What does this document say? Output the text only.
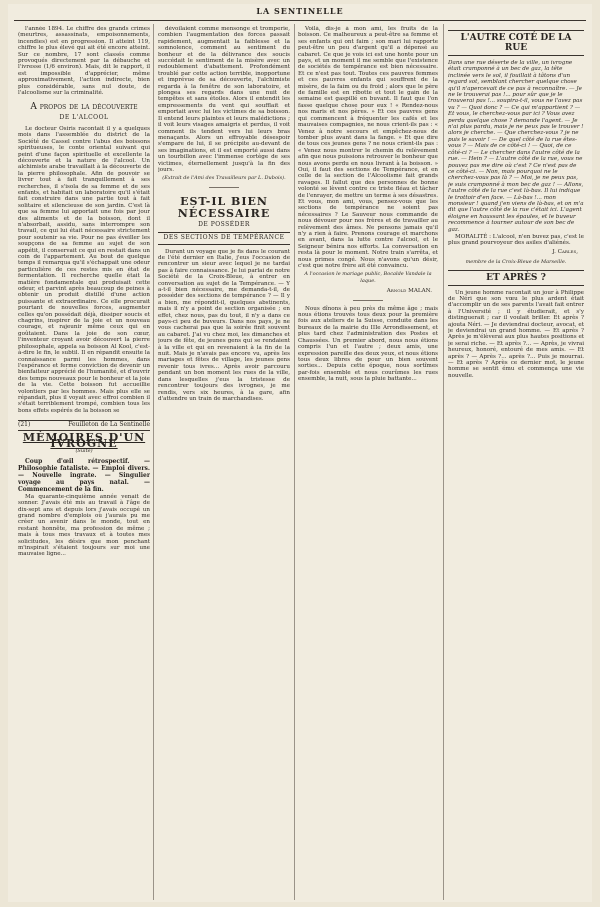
LA SENTINELLE

l'année 1894. Le chiffre des grands crimes (meurtres, assassinats, empoisonnements, incendies) est en progression. Il atteint 119, chiffre le plus élevé qui ait été encore atteint. Sur ce nombre, 17 sont classés comme provoqués directement par la débauche et l'ivresse (1/6 environ). Mais, dit le rapport, il est impossible d'apprécier, même approximativement, l'action indirecte, bien plus considérable, sans nul doute, de l'alcoolisme sur la criminalité.

A propos de la découverte
DE L'ALCOOL

Le docteur Osiris racontait il y a quelques mois dans l'assemblée du district de la Société de Cassel contre l'abus des boissons spiritueuses, le conte oriental suivant qui peint d'une façon spirituelle et excellente la découverte et la nature de l'alcool. Un alchimiste arabe travaillait à la découverte de la pierre philosophale. Afin de pouvoir se livrer tout à fait tranquillement à ses recherches, il s'isola de sa femme et de ses enfants, et habitait un laboratoire qu'il s'était fait construire dans une partie tout à fait solitaire et silencieuse de son jardin. C'est là que sa femme lui apportait une fois par jour des aliments et de la boisson, dont il n'absorbait, assidu, sans interrompre son travail, ce qui lui était nécessaire strictement pour soutenir sa vie. Pour ne pas éveiller les soupçons de sa femme au sujet de son appétit, il conservait ce qui en restait dans un coin de l'appartement. Au bout de quelque temps il remarqua qu'il s'échappait une odeur particulière de ces restes mis en état de fermentation. Il recherche quelle était la matière fondamentale qui produisait cette odeur, et parvint après beaucoup de peines à obtenir un produit distillé d'une action puissante et extraordinaire. Ce elle procurait pourtant de nouvelles forces, augmenter celles qu'on possédait déjà, dissiper soucis et chagrins, inspirer de la joie et un nouveau courage, et rajeunir même ceux qui en goûtaient. Dans la joie de son cœur, l'inventeur croyant avoir découvert la pierre philosophale, appela sa boisson Al Kool, c'est-à-dire le fin, le subtil. Il en répandit ensuite la connaissance parmi les hommes, dans l'espérance et ferme conviction de devenir un bienfaiteur apprécié de l'humanité, et d'ouvrir des temps nouveaux pour le bonheur et la joie de la vie. Cette boisson fut accueillie volontiers par les hommes. Mais plus elle se répandait, plus il voyait avec effroi combien il s'était terriblement trompé, combien tous les bons effets espérés de la boisson se

(21)	Feuilleton de La Sentinelle
MÉMOIRES D'UN IVROGNE
(Suite)

Coup d'œil rétrospectif. — Philosophie fataliste. — Emploi divers. — Nouvelle ingrate. — Singulier voyage au pays natal. — Commencement de la fin.

Ma quarante-cinquième année venait de sonner. J'avais été mis au travail à l'âge de dix-sept ans et depuis lors j'avais occupé un grand nombre d'emplois où j'aurais pu me créer un avenir dans le monde, tout en restant honnête, ma profession de même ; mais à tous mes travaux et à toutes mes solicitudes, les désirs que mon penchant m'inspirait s'étaient toujours sur moi une mauvaise ligne...

dévoilaient comme mensonge et tromperie, combien l'augmentation des forces passait rapidement, augmentait la faiblesse et la somnolence, comment au sentiment du bonheur et de la délivrance des soucis succédait le sentiment de la misère avec un redoublement d'abattement. Profondément troublé par cette action terrible, inopportune et imprévue de sa découverte, l'alchimiste regarda à la fenêtre de son laboratoire, et plongea ses regards dans une nuit de tempêtes et sans étoiles. Alors il entendit les empressements du vent qui soufflait et emportait avec lui les victimes de sa boisson. Il entend leurs plaintes et leurs malédictions ; il voit leurs visages amaigris et perdus, il voit comment ils tendent vers lui leurs bras menaçants. Alors un effroyable désespoir s'empare de lui, il se précipite au-devant de ses imaginations, et il est emporté aussi dans un tourbillon avec l'immense cortège de ses victimes, éternellement jusqu'à la fin des jours.

(Extrait de l'Ami des Travailleurs par L. Dubois).
EST-IL BIEN NÉCESSAIRE
DE POSSÉDER
DES SECTIONS DE TEMPÉRANCE

Durant un voyage que je fis dans le courant de l'été dernier en Italie, j'eus l'occasion de rencontrer un sieur avec lequel je ne tardai pas à faire connaissance. Je lui parlai de notre Société de la Croix-Bleue, à entrer en conversation au sujet de la Tempérance. — Y a-t-il bien nécessaire, me demanda-t-il, de posséder des sections de tempérance ? — Il y a bien, me répondit-il, quelques abstinents, mais il n'y a point de section organisée ; en effet, chez nous, pas du tout, il n'y a dans ce pays-ci peu de buveurs. Dans nos pays, je ne vous cacherai pas que la soirée finit souvent au cabaret. J'ai vu chez moi, les dimanches et jours de fête, de jeunes gens qui se rendaient à la ville et qui en revenaient à la fin de la nuit. Mais je n'avais pas encore vu, après les mariages et fêtes de village, les jeunes gens revenir tous ivres... Après avoir parcouru pendant un bon moment les rues de la ville, dans lesquelles j'eus la tristesse de rencontrer toujours des ivrognes, je me rendis, vers six heures, à la gare, afin d'attendre un train de marchandises.

Voilà, dis-je à mon ami, les fruits de la boisson. Ce malheureux a peut-être sa femme et ses enfants qui ont faim ; son mari lui rapporte peut-être un peu d'argent qu'il a dépensé au cabaret. Ce que je vois ici est une honte pour un pays, et un moment il me semble que l'existence de sociétés de tempérance est bien nécessaire. Et ce n'est pas tout. Toutes ces pauvres femmes et ces pauvres enfants qui souffrent de la misère, de la faim ou du froid ; alors que le père de famille est en ribotte et tout le gain de la semaine est gaspillé en buvant. Il faut que l'on fasse quelque chose pour eux ! « Rendez-nous nos maris et nos pères. » Et ces pauvres gens qui commencent à fréquenter les cafés et les mauvaises compagnies, ne nous crient-ils pas : « Venez à notre secours et empêchez-nous de tomber plus avant dans la fange. » Et que dire de tous ces jeunes gens ? ne nous crient-ils pas : « Venez nous montrer le chemin du relèvement afin que nous puissions retrouver le bonheur que nous avons perdu en nous livrant à la boisson. » Oui, il faut des sections de Tempérance, et en celle de la section de l'Alcoolisme fait grands ravages. Il fallut que des personnes de bonne volonté se lèvent contre ce triste fléau et tâcher de l'enrayer, de mettre un terme à ses désastres. Et vous, mon ami, vous, pensez-vous que les sections de tempérance ne soient pas nécessaires ? Le Sauveur nous commande de nous dévouer pour nos frères et de travailler au relèvement des âmes. Ne pensons jamais qu'il n'y a rien à faire. Prenons courage et marchons en avant, dans la lutte contre l'alcool, et le Seigneur bénira nos efforts. La conversation en resta là pour le moment. Notre train s'arrêta, et nous primes congé. Nous n'avons qu'un désir, c'est que notre frère ait été convaincu.

A l'occasion le mariage public, Bocalde Vandale la laque.
Arnold MALAN.

Nous dînons à peu près du même âge ; mais nous étions trouvés tous deux pour la première fois aux ateliers de la Suisse, conduite dans les bureaux de la mairie du IIIe Arrondissement, et plus tard chez l'administration des Postes et Chaussées. Un premier abord, nous nous étions compris l'un et l'autre ; deux amis, une expression pareille des deux yeux, et nous étions tous deux libres de pour un bien souvent sorties... Depuis cette époque, nous sortîmes par-fois ensemble et nous courûmes les rues ensemble, la nuit, sous la pluie battante...

L'AUTRE COTÉ DE LA RUE

Dans une rue déserte de la ville, un ivrogne était cramponné à un bec de gaz, la tête inclinée vers le sol, il fouillait à tâtons d'un regard sot, semblant chercher quelque chose qu'il n'apercevait de ce pas à reconnaître. — Je ne le trouverai pas !... pour sûr que je le trouverai pas !... soupira-t-il, vous ne l'avez pas vu ? — Quoi donc ? — Ce qui m'appartient ? — Et vous, le cherchez-vous par ici ? Vous avez perdu quelque chose ? demande l'agent. — Je n'ai plus pardu, mais je ne peux pas le trouver ! alors je cherche. — Que cherchez-vous ? je ne puis le savoir ! — De quel côté de la rue êtes-vous ? — Mais de ce côté-ci ! — Quoi, de ce côté-ci ? — Le chercher dans l'autre côté de la rue. — Hein ? — L'autre côté de la rue, vous ne pouvez pas me dire où c'est ? Ce n'est pas de ce côté-ci. — Non, mais pourquoi ne le cherchez-vous pas là ? — Moi, je ne peux pas, je suis cramponné à mon bec de gaz ! — Allons, l'autre côté de la rue c'est là-bas. Il lui indique le trottoir d'en face. — Là-bas !... mon monsieur ! quand j'en viens de là-bas, et on m'a dit que l'autre côté de la rue c'était ici. L'agent éloigne en haussant les épaules, et le buveur recommence à tourner autour de son bec de gaz.

MORALITÉ : L'alcool, n'en buvez pas, c'est le plus grand pourvoyeur des asiles d'aliénés.

J. Carles,
membre de la Croix-Bleue de Marseille.
ET APRÈS ?

Un jeune homme racontait un jour à Philippe de Néri que son vœu le plus ardent était d'accomplir un de ses parents l'avait fait entrer à l'Université ; il y étudierait, et s'y distinguerait ; car il voulait briller. Et après ? ajouta Néri. — Je deviendrai docteur, avocat, et je deviendrai un grand homme. — Et après ? Après je m'élèverai aux plus hautes positions et je serai riche. — Et après ?... — Après, je vivrai heureux, honoré, entouré de mes amis. — Et après ? — Après ?... après ?... Puis je mourrai. — Et après ? Après ce dernier mot, le jeune homme se sentit ému et commença une vie nouvelle.
